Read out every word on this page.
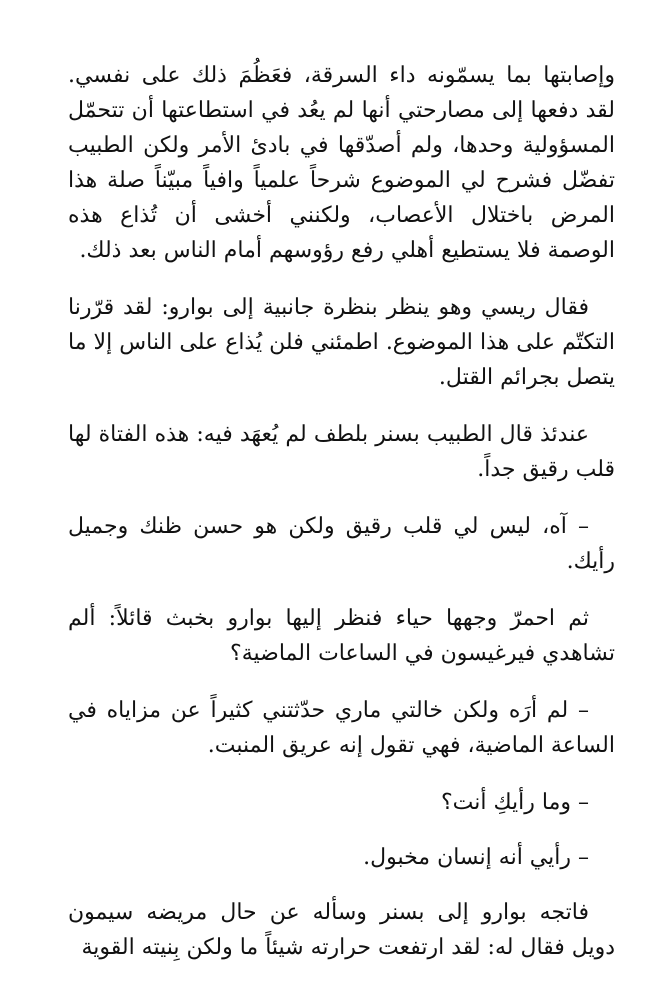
وإصابتها بما يسمّونه داء السرقة، فعَظُمَ ذلك على نفسي. لقد دفعها إلى مصارحتي أنها لم يعُد في استطاعتها أن تتحمّل المسؤولية وحدها، ولم أصدّقها في بادئ الأمر ولكن الطبيب تفضّل فشرح لي الموضوع شرحاً علمياً وافياً مبيّناً صلة هذا المرض باختلال الأعصاب، ولكنني أخشى أن تُذاع هذه الوصمة فلا يستطيع أهلي رفع رؤوسهم أمام الناس بعد ذلك.

فقال ريسي وهو ينظر بنظرة جانبية إلى بوارو: لقد قرّرنا التكتّم على هذا الموضوع. اطمئني فلن يُذاع على الناس إلا ما يتصل بجرائم القتل.

عندئذ قال الطبيب بسنر بلطف لم يُعهَد فيه: هذه الفتاة لها قلب رقيق جداً.

– آه، ليس لي قلب رقيق ولكن هو حسن ظنك وجميل رأيك.

ثم احمرّ وجهها حياء فنظر إليها بوارو بخبث قائلاً: ألم تشاهدي فيرغيسون في الساعات الماضية؟

– لم أرَه ولكن خالتي ماري حدّثتني كثيراً عن مزاياه في الساعة الماضية، فهي تقول إنه عريق المنبت.

– وما رأيكِ أنت؟

– رأيي أنه إنسان مخبول.

فاتجه بوارو إلى بسنر وسأله عن حال مريضه سيمون دويل فقال له: لقد ارتفعت حرارته شيئاً ما ولكن بِنيته القوية
